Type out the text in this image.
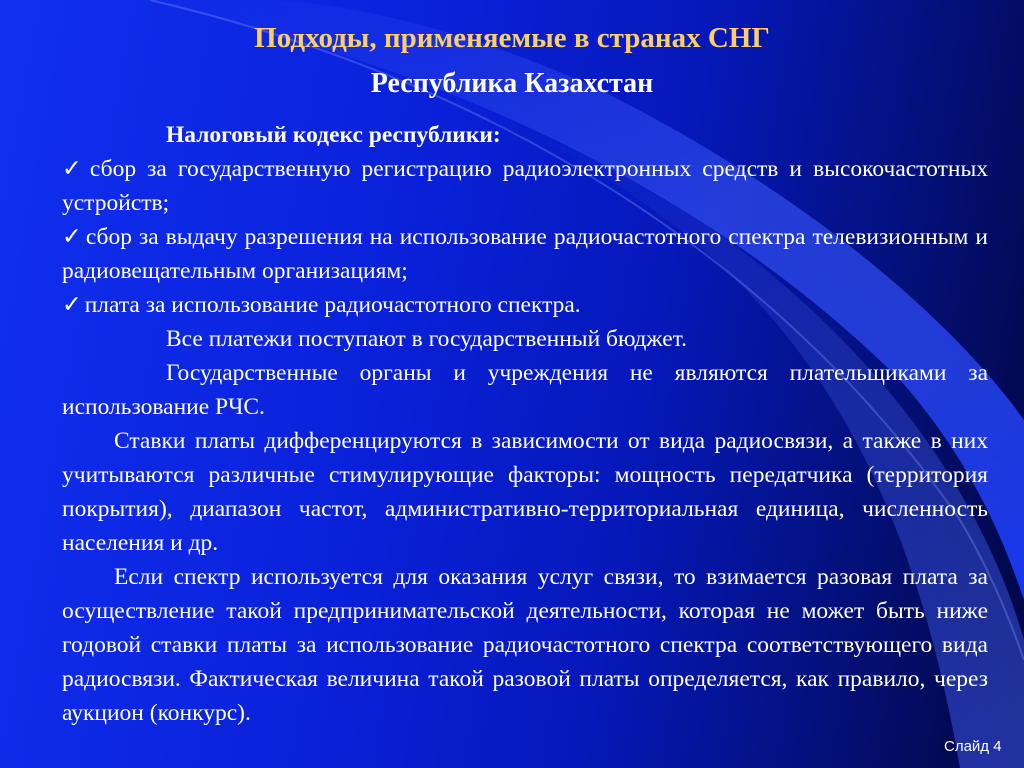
Подходы, применяемые в странах СНГ
Республика Казахстан

Налоговый кодекс республики:

✓ сбор за государственную регистрацию радиоэлектронных средств и высокочастотных устройств;

✓ сбор за выдачу разрешения на использование радиочастотного спектра телевизионным и радиовещательным организациям;

✓ плата за использование радиочастотного спектра.

Все платежи поступают в государственный бюджет.

Государственные органы и учреждения не являются плательщиками за использование РЧС.

Ставки платы дифференцируются в зависимости от вида радиосвязи, а также в них учитываются различные стимулирующие факторы: мощность передатчика (территория покрытия), диапазон частот, административно-территориальная единица, численность населения и др.

Если спектр используется для оказания услуг связи, то взимается разовая плата за осуществление такой предпринимательской деятельности, которая не может быть ниже годовой ставки платы за использование радиочастотного спектра соответствующего вида радиосвязи. Фактическая величина такой разовой платы определяется, как правило, через аукцион (конкурс).

Слайд 4
